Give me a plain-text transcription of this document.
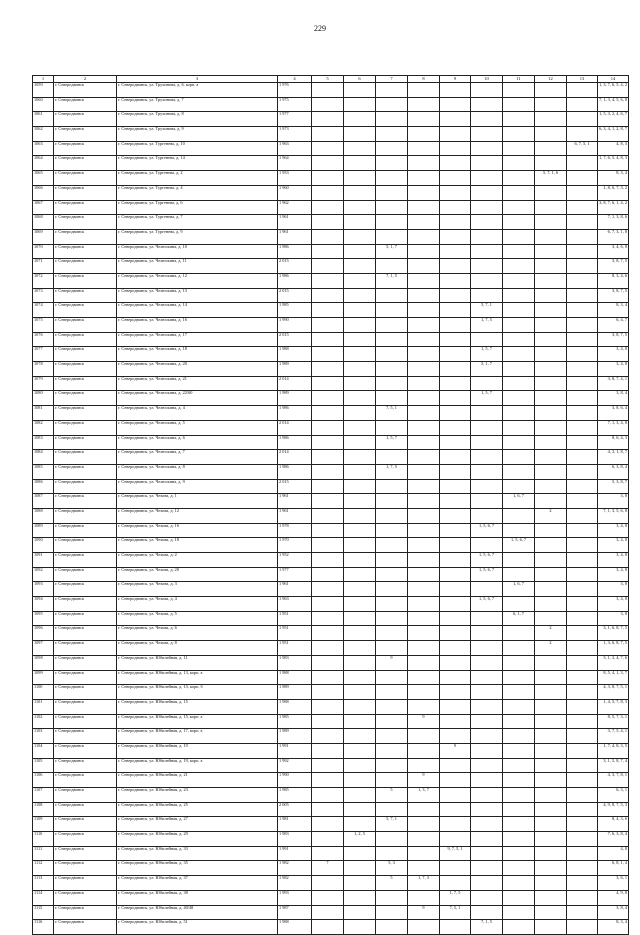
229
1	2	3	4	5	6	7	8	9	10	11	12	13	14
1059	г. Северодвинск	г. Северодвинск, ул. Трухинова, д. 6, корп. а	1 976										1, 3, 7, 6, 5, 4, 2
1060	г. Северодвинск	г. Северодвинск, ул. Трухинова, д. 7	1 975										7, 1, 3, 4, 5, 6, 8
1061	г. Северодвинск	г. Северодвинск, ул. Трухинова, д. 8	1 977										1, 5, 3, 2, 4, 6, 7
1062	г. Северодвинск	г. Северодвинск, ул. Трухинова, д. 9	1 973										6, 3, 4, 1, 2, 8, 7
1063	г. Северодвинск	г. Северодвинск, ул. Тургенева, д. 10	1 963									6, 7, 5, 1	4, 8, 3
1064	г. Северодвинск	г. Северодвинск, ул. Тургенева, д. 14	1 964										1, 7, 6, 5, 4, 8, 3
1065	г. Северодвинск	г. Северодвинск, ул. Тургенева, д. 2	1 953								5, 7, 1, 6		8, 3, 4
1066	г. Северодвинск	г. Северодвинск, ул. Тургенева, д. 4	1 960										1, 8, 6, 7, 3, 2
1067	г. Северодвинск	г. Северодвинск, ул. Тургенева, д. 6	1 962										3, 8, 7, 6, 1, 4, 2
1068	г. Северодвинск	г. Северодвинск, ул. Тургенева, д. 7	1 961										7, 1, 3, 8, 6
1069	г. Северодвинск	г. Северодвинск, ул. Тургенева, д. 9	1 961										6, 7, 3, 1, 8
1070	г. Северодвинск	г. Северодвинск, ул. Челюскина, д. 10	1 986			5, 1, 7							3, 4, 6, 8
1071	г. Северодвинск	г. Северодвинск, ул. Челюскина, д. 11	2 015										3, 8, 7, 5
1072	г. Северодвинск	г. Северодвинск, ул. Челюскина, д. 12	1 986			7, 1, 5							8, 3, 4, 6
1073	г. Северодвинск	г. Северодвинск, ул. Челюскина, д. 13	2 015										3, 8, 7, 5
1074	г. Северодвинск	г. Северодвинск, ул. Челюскина, д. 14	1 985						5, 7, 1				8, 3, 4
1075	г. Северодвинск	г. Северодвинск, ул. Челюскина, д. 16	1 990						1, 7, 5				6, 4, 7
1076	г. Северодвинск	г. Северодвинск, ул. Челюскина, д. 17	2 015										3, 8, 7, 5
1077	г. Северодвинск	г. Северодвинск, ул. Челюскина, д. 18	1 988						1, 5, 7				3, 4, 8
1078	г. Северодвинск	г. Северодвинск, ул. Челюскина, д. 20	1 989						5, 1, 7				3, 4, 8
1079	г. Северодвинск	г. Северодвинск, ул. Челюскина, д. 21	2 014										3, 8, 7, 4, 1
1080	г. Северодвинск	г. Северодвинск, ул. Челюскина, д. 22/60	1 989						1, 5, 7				3, 8, 4
1081	г. Северодвинск	г. Северодвинск, ул. Челюскина, д. 4	1 986			7, 5, 1							3, 8, 6, 4
1082	г. Северодвинск	г. Северодвинск, ул. Челюскина, д. 5	2 014										7, 1, 3, 4, 8
1083	г. Северодвинск	г. Северодвинск, ул. Челюскина, д. 6	1 986			1, 5, 7							8, 6, 4, 3
1084	г. Северодвинск	г. Северодвинск, ул. Челюскина, д. 7	2 014										4, 3, 1, 8, 7
1085	г. Северодвинск	г. Северодвинск, ул. Челюскина, д. 8	1 986			1, 7, 5							6, 3, 8, 4
1086	г. Северодвинск	г. Северодвинск, ул. Челюскина, д. 9	2 015										5, 3, 8, 7
1087	г. Северодвинск	г. Северодвинск, ул. Чехова, д. 1	1 961							1, 6, 7			3, 8
1088	г. Северодвинск	г. Северодвинск, ул. Чехова, д. 12	1 961								2		7, 1, 3, 5, 6, 8
1089	г. Северодвинск	г. Северодвинск, ул. Чехова, д. 16	1 978						1, 5, 6, 7				3, 4, 8
1090	г. Северодвинск	г. Северодвинск, ул. Чехова, д. 18	1 970							1, 5, 6, 7			3, 4, 8
1091	г. Северодвинск	г. Северодвинск, ул. Чехова, д. 2	1 952						1, 5, 6, 7				3, 4, 8
1092	г. Северодвинск	г. Северодвинск, ул. Чехова, д. 20	1 977						1, 5, 6, 7				3, 4, 8
1093	г. Северодвинск	г. Северодвинск, ул. Чехова, д. 3	1 961							1, 6, 7			3, 8
1094	г. Северодвинск	г. Северодвинск, ул. Чехова, д. 4	1 963						1, 5, 6, 7				3, 4, 8
1095	г. Северодвинск	г. Северодвинск, ул. Чехова, д. 5	1 951							6, 1, 7			3, 8
1096	г. Северодвинск	г. Северодвинск, ул. Чехова, д. 6	1 951								2		3, 1, 6, 8, 7, 5
1097	г. Северодвинск	г. Северодвинск, ул. Чехова, д. 8	1 951								2		1, 3, 6, 8, 7, 5
1098	г. Северодвинск	г. Северодвинск, ул. Юбилейная, д. 11	1 983			9							5, 1, 3, 4, 7, 6
1099	г. Северодвинск	г. Северодвинск, ул. Юбилейная, д. 13, корп. а	1 988										8, 5, 4, 1, 3, 7
1100	г. Северодвинск	г. Северодвинск, ул. Юбилейная, д. 13, корп. б	1 989										4, 3, 8, 7, 5, 1
1101	г. Северодвинск	г. Северодвинск, ул. Юбилейная, д. 15	1 988										1, 4, 5, 7, 8, 3
1102	г. Северодвинск	г. Северодвинск, ул. Юбилейная, д. 15, корп. а	1 985				9						8, 5, 7, 3, 1
1103	г. Северодвинск	г. Северодвинск, ул. Юбилейная, д. 17, корп. а	1 989										3, 7, 5, 4, 1
1104	г. Северодвинск	г. Северодвинск, ул. Юбилейная, д. 19	1 991					9					1, 7, 4, 8, 3, 5
1105	г. Северодвинск	г. Северодвинск, ул. Юбилейная, д. 19, корп. а	1 992										3, 1, 5, 8, 7, 4
1106	г. Северодвинск	г. Северодвинск, ул. Юбилейная, д. 21	1 990				9						4, 3, 7, 8, 1
1107	г. Северодвинск	г. Северодвинск, ул. Юбилейная, д. 23	1 985			5	1, 3, 7						6, 3, 1
1108	г. Северодвинск	г. Северодвинск, ул. Юбилейная, д. 25	2 005										4, 9, 8, 7, 5, 3
1109	г. Северодвинск	г. Северодвинск, ул. Юбилейная, д. 27	1 981			5, 7, 1							8, 4, 3, 6
1110	г. Северодвинск	г. Северодвинск, ул. Юбилейная, д. 29	1 983		1, 2, 5								7, 6, 3, 8, 4
1111	г. Северодвинск	г. Северодвинск, ул. Юбилейная, д. 33	1 991					9, 7, 5, 1					4, 8
1112	г. Северодвинск	г. Северодвинск, ул. Юбилейная, д. 35	1 982	7		5, 3							6, 8, 1, 4
1113	г. Северодвинск	г. Северодвинск, ул. Юбилейная, д. 37	1 982			5	1, 7, 3						3, 6, 1
1114	г. Северодвинск	г. Северодвинск, ул. Юбилейная, д. 38	1 993					1, 7, 5					4, 9, 8
1115	г. Северодвинск	г. Северодвинск, ул. Юбилейная, д. 40/48	1 987				9	7, 5, 1					3, 8, 4
1116	г. Северодвинск	г. Северодвинск, ул. Юбилейная, д. 51	1 988						7, 1, 5				8, 3, 4
